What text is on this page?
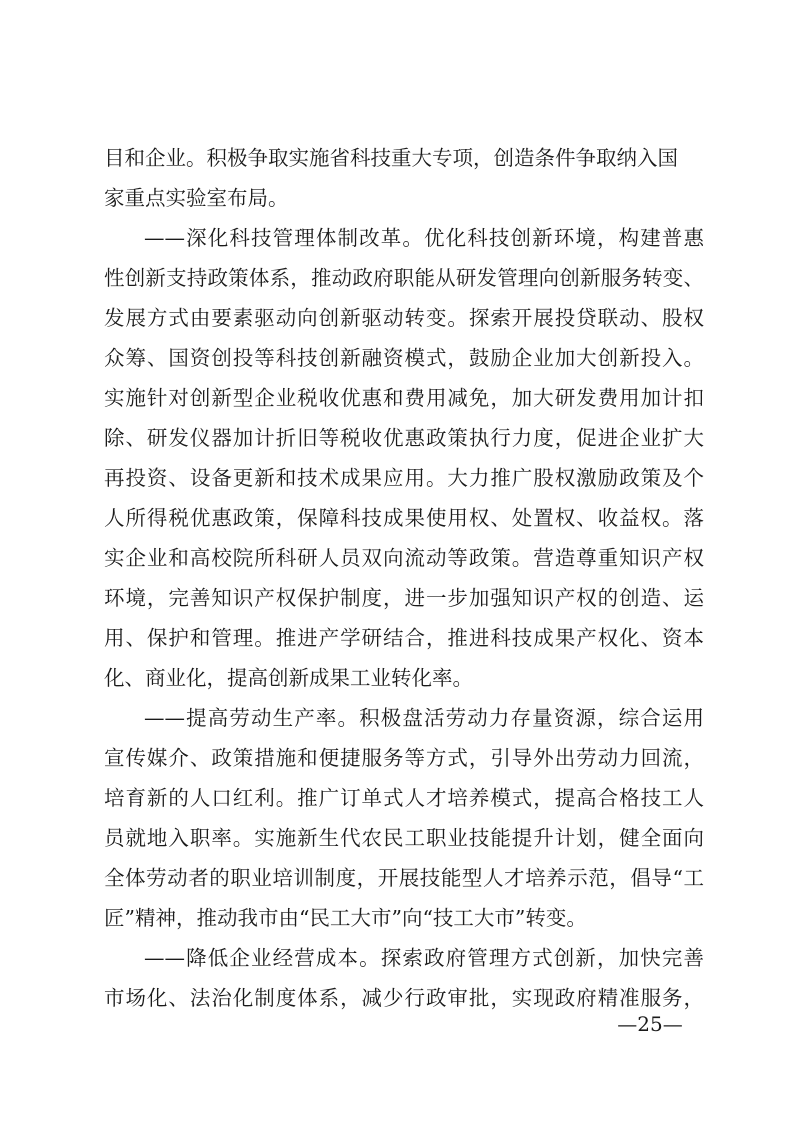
目和企业。积极争取实施省科技重大专项，创造条件争取纳入国
家重点实验室布局。
——深化科技管理体制改革。优化科技创新环境，构建普惠
性创新支持政策体系，推动政府职能从研发管理向创新服务转变、
发展方式由要素驱动向创新驱动转变。探索开展投贷联动、股权
众筹、国资创投等科技创新融资模式，鼓励企业加大创新投入。
实施针对创新型企业税收优惠和费用减免，加大研发费用加计扣
除、研发仪器加计折旧等税收优惠政策执行力度，促进企业扩大
再投资、设备更新和技术成果应用。大力推广股权激励政策及个
人所得税优惠政策，保障科技成果使用权、处置权、收益权。落
实企业和高校院所科研人员双向流动等政策。营造尊重知识产权
环境，完善知识产权保护制度，进一步加强知识产权的创造、运
用、保护和管理。推进产学研结合，推进科技成果产权化、资本
化、商业化，提高创新成果工业转化率。
——提高劳动生产率。积极盘活劳动力存量资源，综合运用
宣传媒介、政策措施和便捷服务等方式，引导外出劳动力回流，
培育新的人口红利。推广订单式人才培养模式，提高合格技工人
员就地入职率。实施新生代农民工职业技能提升计划，健全面向
全体劳动者的职业培训制度，开展技能型人才培养示范，倡导“工
匠”精神，推动我市由“民工大市”向“技工大市”转变。
——降低企业经营成本。探索政府管理方式创新，加快完善
市场化、法治化制度体系，减少行政审批，实现政府精准服务，
—25—
